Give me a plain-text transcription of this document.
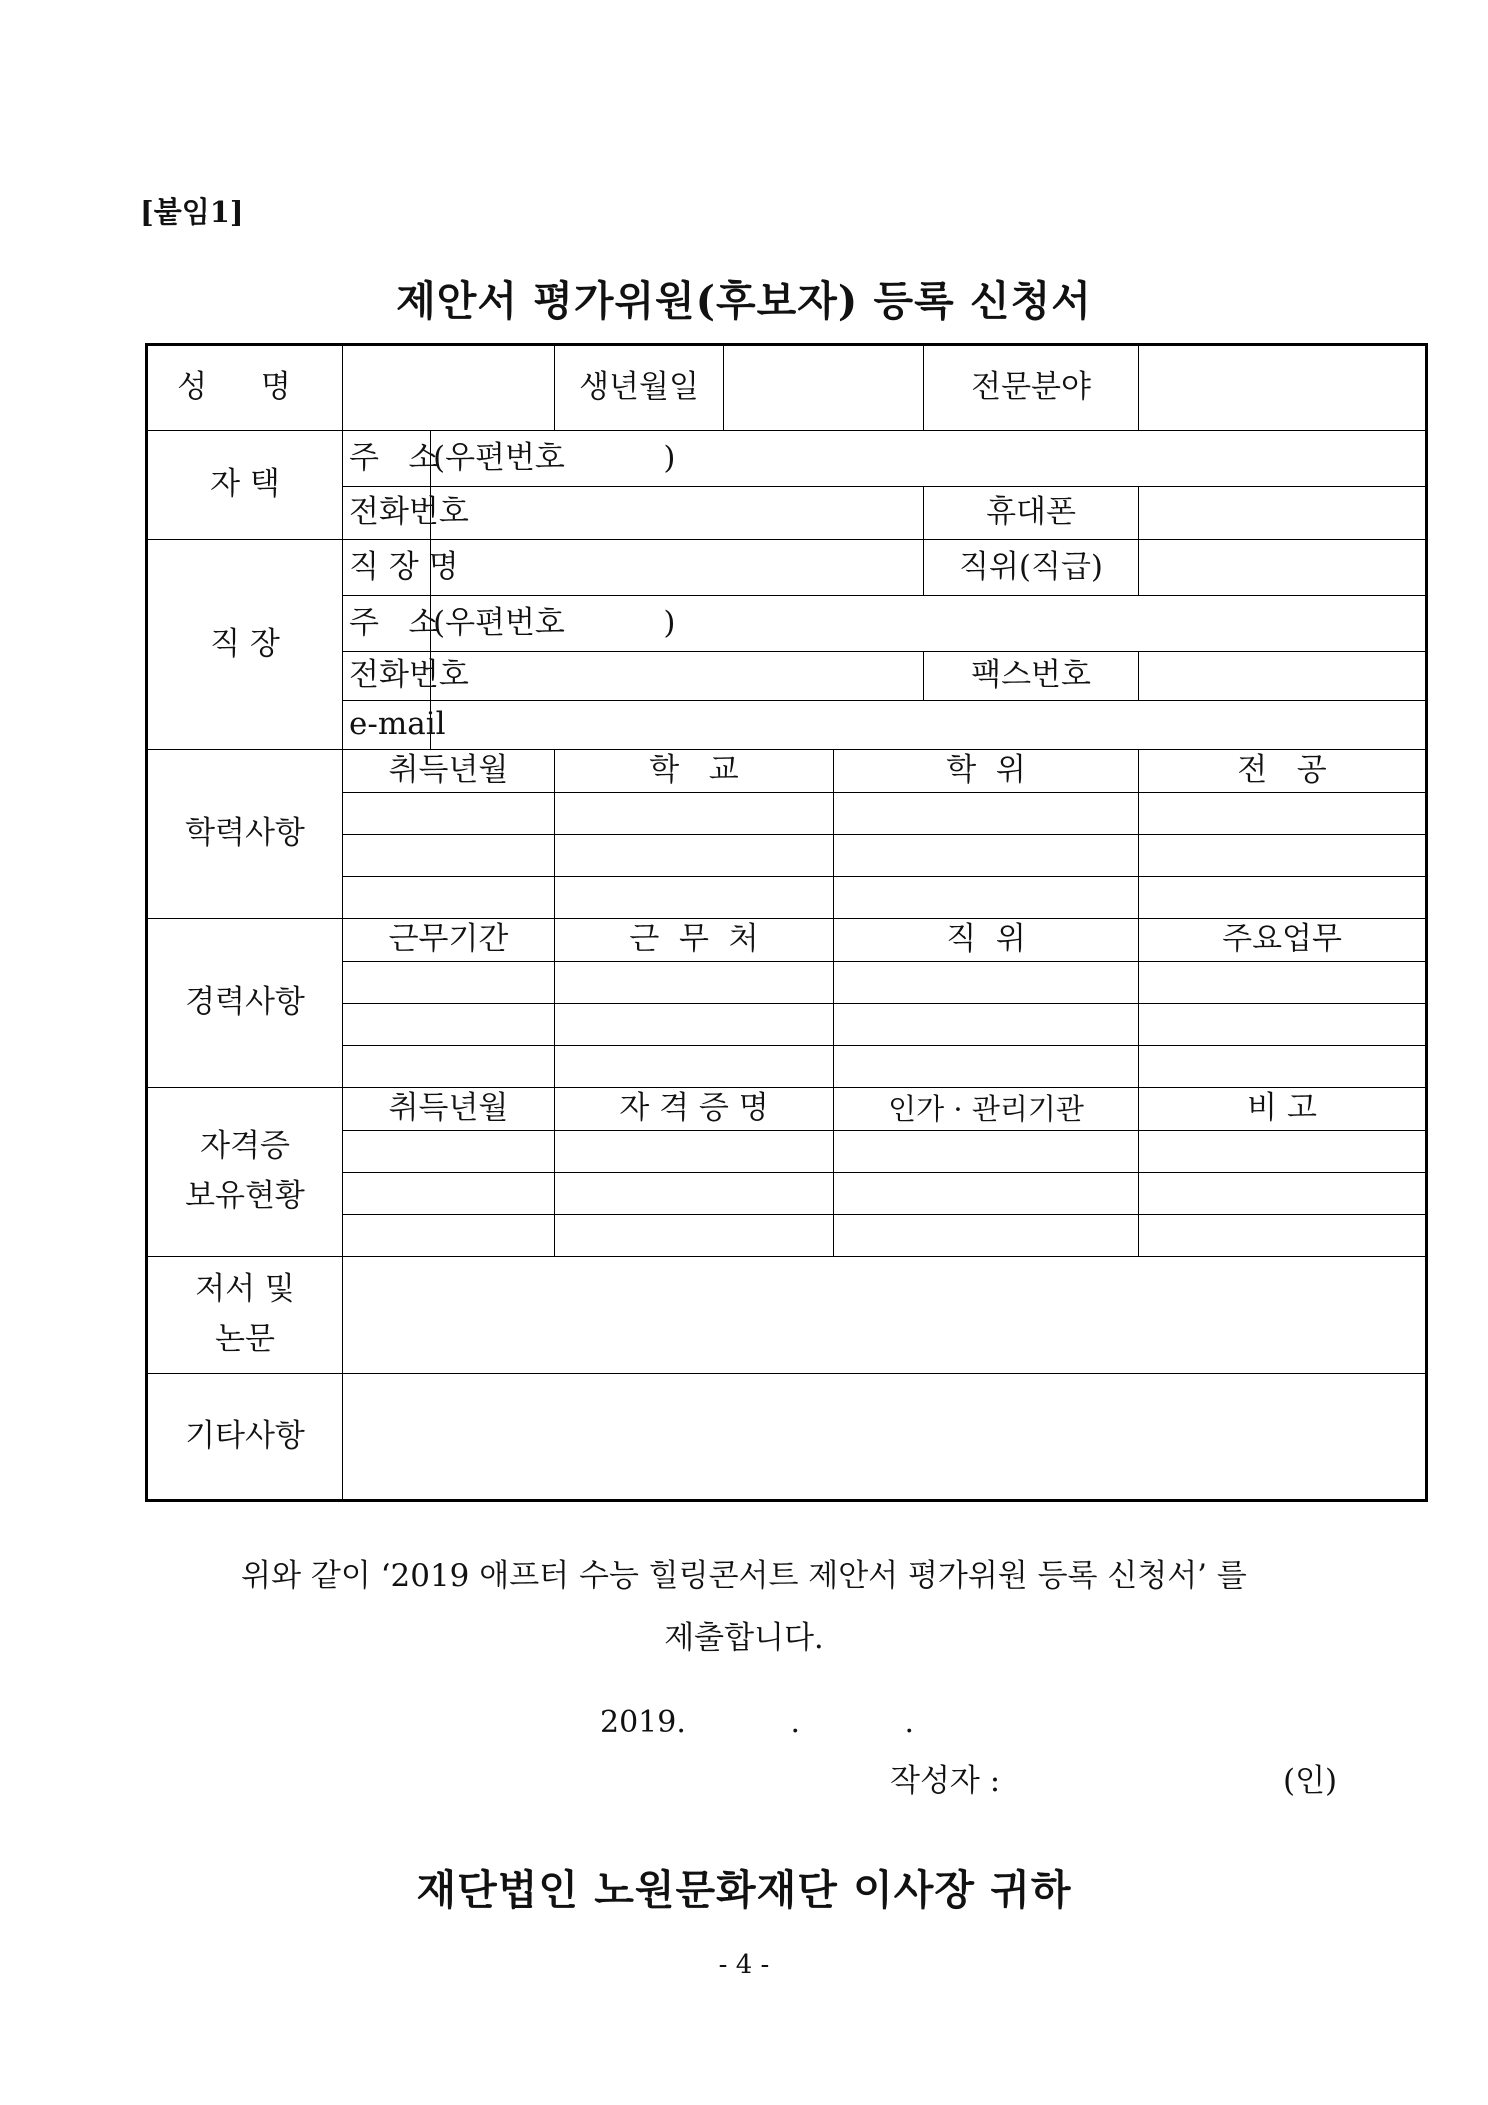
[붙임1]
제안서 평가위원(후보자) 등록 신청서
성 명			생년월일			전문분야	
자 택	주   소	(우편번호          )					
	전화번호					휴대폰	
직 장	직 장 명					직위(직급)	
	주   소	(우편번호          )					
	전화번호					팩스번호	
	e-mail						
학력사항	취득년월		학   교		학  위		전   공

경력사항	근무기간		근  무  처		직  위		주요업무

자격증
보유현황	취득년월		자 격 증 명		인가 · 관리기관		비 고

저서 및
논문							

기타사항							
위와 같이 ‘2019 애프터 수능 힐링콘서트 제안서 평가위원 등록 신청서’ 를
제출합니다.
2019.	.	.
작성자 :	(인)
재단법인 노원문화재단 이사장 귀하
- 4 -
